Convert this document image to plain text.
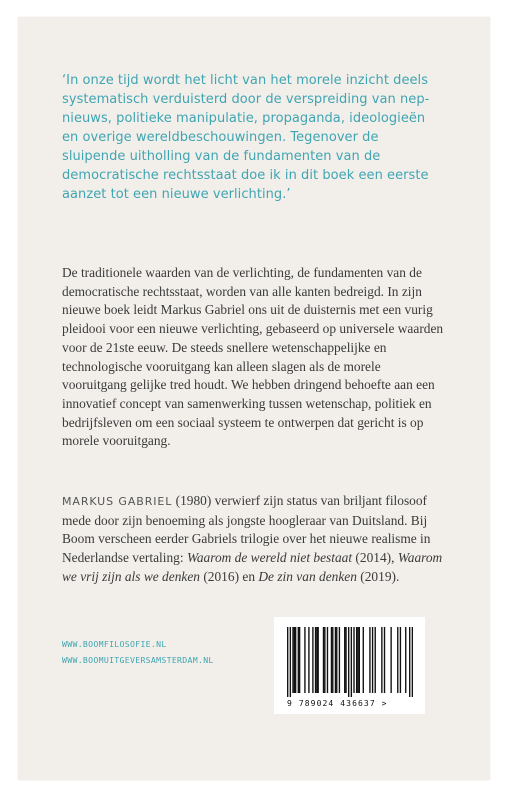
‘In onze tijd wordt het licht van het morele inzicht deels systematisch verduisterd door de verspreiding van nep-nieuws, politieke manipulatie, propaganda, ideologieën en overige wereldbeschouwingen. Tegenover de sluipende uitholling van de fundamenten van de democratische rechtsstaat doe ik in dit boek een eerste aanzet tot een nieuwe verlichting.’

De traditionele waarden van de verlichting, de fundamenten van de democratische rechtsstaat, worden van alle kanten bedreigd. In zijn nieuwe boek leidt Markus Gabriel ons uit de duisternis met een vurig pleidooi voor een nieuwe verlichting, gebaseerd op universele waarden voor de 21ste eeuw. De steeds snellere wetenschappelijke en technologische vooruitgang kan alleen slagen als de morele vooruitgang gelijke tred houdt. We hebben dringend behoefte aan een innovatief concept van samenwerking tussen wetenschap, politiek en bedrijfsleven om een sociaal systeem te ontwerpen dat gericht is op morele vooruitgang.

MARKUS GABRIEL (1980) verwierf zijn status van briljant filosoof mede door zijn benoeming als jongste hoogleraar van Duitsland. Bij Boom verscheen eerder Gabriels trilogie over het nieuwe realisme in Nederlandse vertaling: Waarom de wereld niet bestaat (2014), Waarom we vrij zijn als we denken (2016) en De zin van denken (2019).

WWW.BOOMFILOSOFIE.NL
WWW.BOOMUITGEVERSAMSTERDAM.NL
9 789024 436637 >
